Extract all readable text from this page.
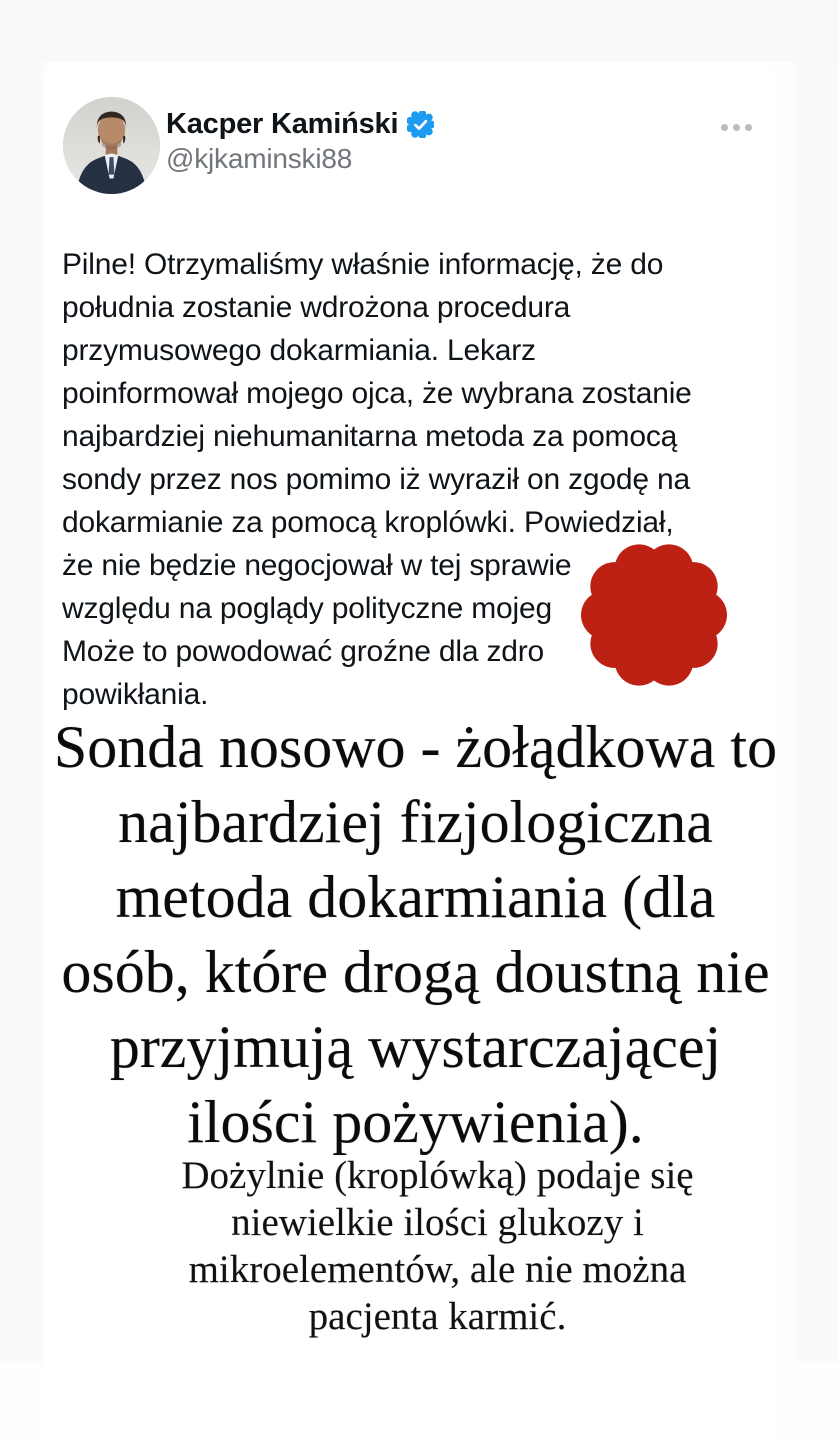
Kacper Kamiński
@kjkaminski88
Pilne! Otrzymaliśmy właśnie informację, że do
południa zostanie wdrożona procedura
przymusowego dokarmiania. Lekarz
poinformował mojego ojca, że wybrana zostanie
najbardziej niehumanitarna metoda za pomocą
sondy przez nos pomimo iż wyraził on zgodę na
dokarmianie za pomocą kroplówki. Powiedział,
że nie będzie negocjował w tej sprawie
względu na poglądy polityczne mojeg
Może to powodować groźne dla zdro
powikłania.
Sonda nosowo - żołądkowa to
najbardziej fizjologiczna
metoda dokarmiania (dla
osób, które drogą doustną nie
przyjmują wystarczającej
ilości pożywienia).
Dożylnie (kroplówką) podaje się
niewielkie ilości glukozy i
mikroelementów, ale nie można
pacjenta karmić.
